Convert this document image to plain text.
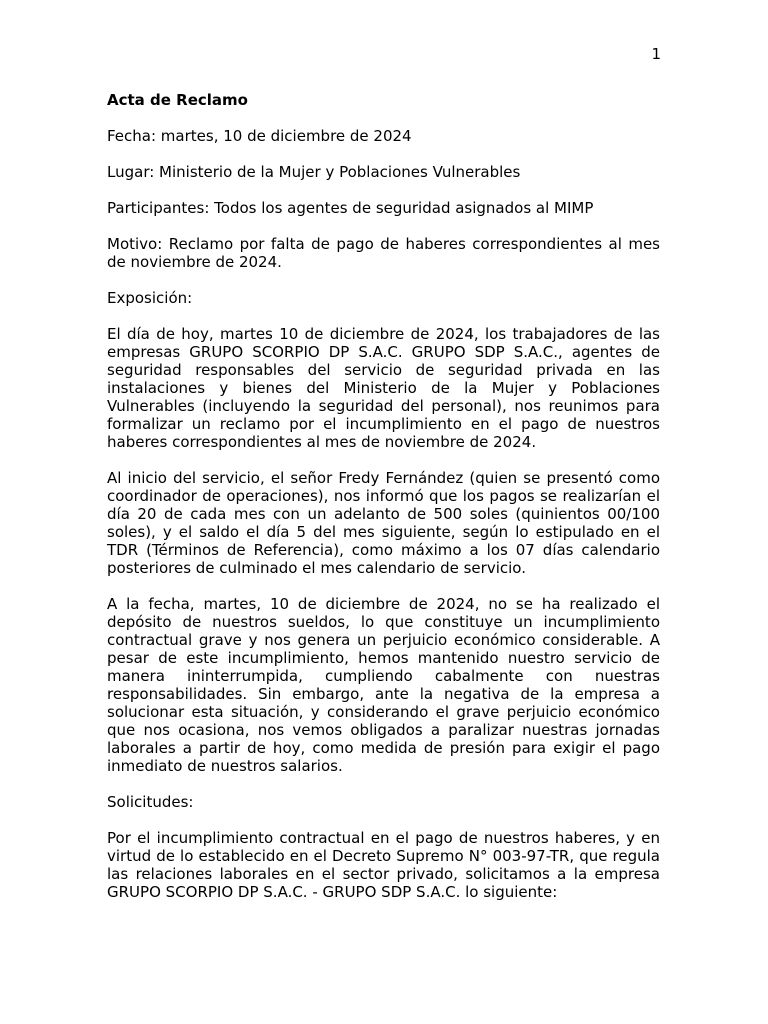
1

Acta de Reclamo

Fecha: martes, 10 de diciembre de 2024

Lugar: Ministerio de la Mujer y Poblaciones Vulnerables

Participantes: Todos los agentes de seguridad asignados al MIMP

Motivo: Reclamo por falta de pago de haberes correspondientes al mes de noviembre de 2024.

Exposición:

El día de hoy, martes 10 de diciembre de 2024, los trabajadores de las empresas GRUPO SCORPIO DP S.A.C. GRUPO SDP S.A.C., agentes de seguridad responsables del servicio de seguridad privada en las instalaciones y bienes del Ministerio de la Mujer y Poblaciones Vulnerables (incluyendo la seguridad del personal), nos reunimos para formalizar un reclamo por el incumplimiento en el pago de nuestros haberes correspondientes al mes de noviembre de 2024.

Al inicio del servicio, el señor Fredy Fernández (quien se presentó como coordinador de operaciones), nos informó que los pagos se realizarían el día 20 de cada mes con un adelanto de 500 soles (quinientos 00/100 soles), y el saldo el día 5 del mes siguiente, según lo estipulado en el TDR (Términos de Referencia), como máximo a los 07 días calendario posteriores de culminado el mes calendario de servicio.

A la fecha, martes, 10 de diciembre de 2024, no se ha realizado el depósito de nuestros sueldos, lo que constituye un incumplimiento contractual grave y nos genera un perjuicio económico considerable. A pesar de este incumplimiento, hemos mantenido nuestro servicio de manera ininterrumpida, cumpliendo cabalmente con nuestras responsabilidades. Sin embargo, ante la negativa de la empresa a solucionar esta situación, y considerando el grave perjuicio económico que nos ocasiona, nos vemos obligados a paralizar nuestras jornadas laborales a partir de hoy, como medida de presión para exigir el pago inmediato de nuestros salarios.

Solicitudes:

Por el incumplimiento contractual en el pago de nuestros haberes, y en virtud de lo establecido en el Decreto Supremo N° 003-97-TR, que regula las relaciones laborales en el sector privado, solicitamos a la empresa GRUPO SCORPIO DP S.A.C. - GRUPO SDP S.A.C. lo siguiente:
